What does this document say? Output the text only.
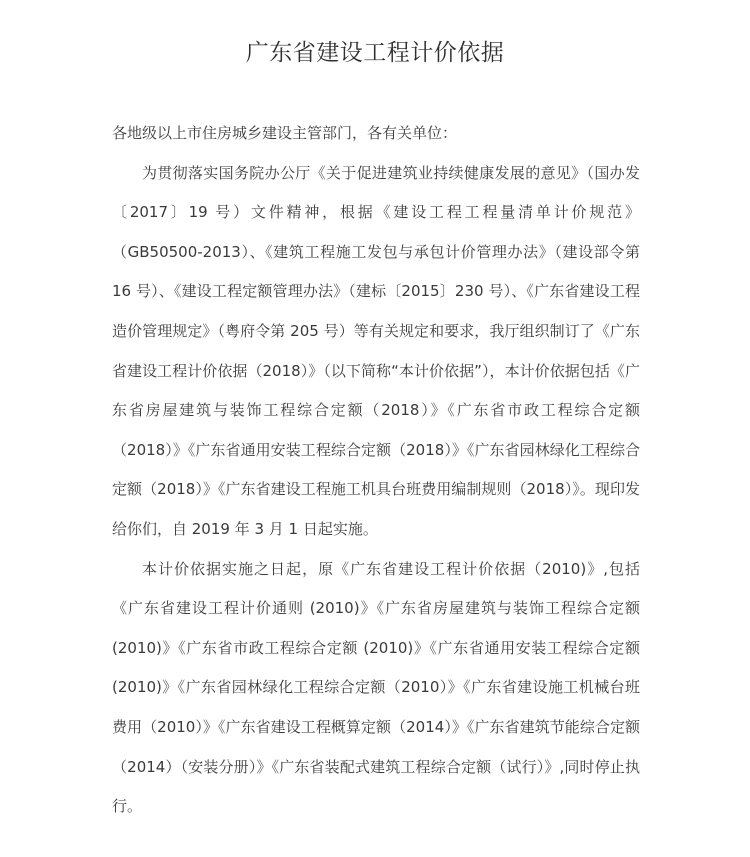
广东省建设工程计价依据

各地级以上市住房城乡建设主管部门，各有关单位：

为贯彻落实国务院办公厅《关于促进建筑业持续健康发展的意见》（国办发〔2017〕19 号）文件精神，根据《建设工程工程量清单计价规范》（GB50500-2013）、《建筑工程施工发包与承包计价管理办法》（建设部令第 16 号）、《建设工程定额管理办法》（建标〔2015〕230 号）、《广东省建设工程造价管理规定》（粤府令第 205 号）等有关规定和要求，我厅组织制订了《广东省建设工程计价依据（2018）》（以下简称“本计价依据”），本计价依据包括《广东省房屋建筑与装饰工程综合定额（2018）》《广东省市政工程综合定额（2018）》《广东省通用安装工程综合定额（2018）》《广东省园林绿化工程综合定额（2018）》《广东省建设工程施工机具台班费用编制规则（2018）》。现印发给你们，自 2019 年 3 月 1 日起实施。

本计价依据实施之日起，原《广东省建设工程计价依据（2010)》,包括《广东省建设工程计价通则 (2010)》《广东省房屋建筑与装饰工程综合定额 (2010)》《广东省市政工程综合定额 (2010)》《广东省通用安装工程综合定额 (2010)》《广东省园林绿化工程综合定额（2010）》《广东省建设施工机械台班费用（2010）》《广东省建设工程概算定额（2014）》《广东省建筑节能综合定额（2014）（安装分册）》《广东省装配式建筑工程综合定额（试行）》,同时停止执行。
